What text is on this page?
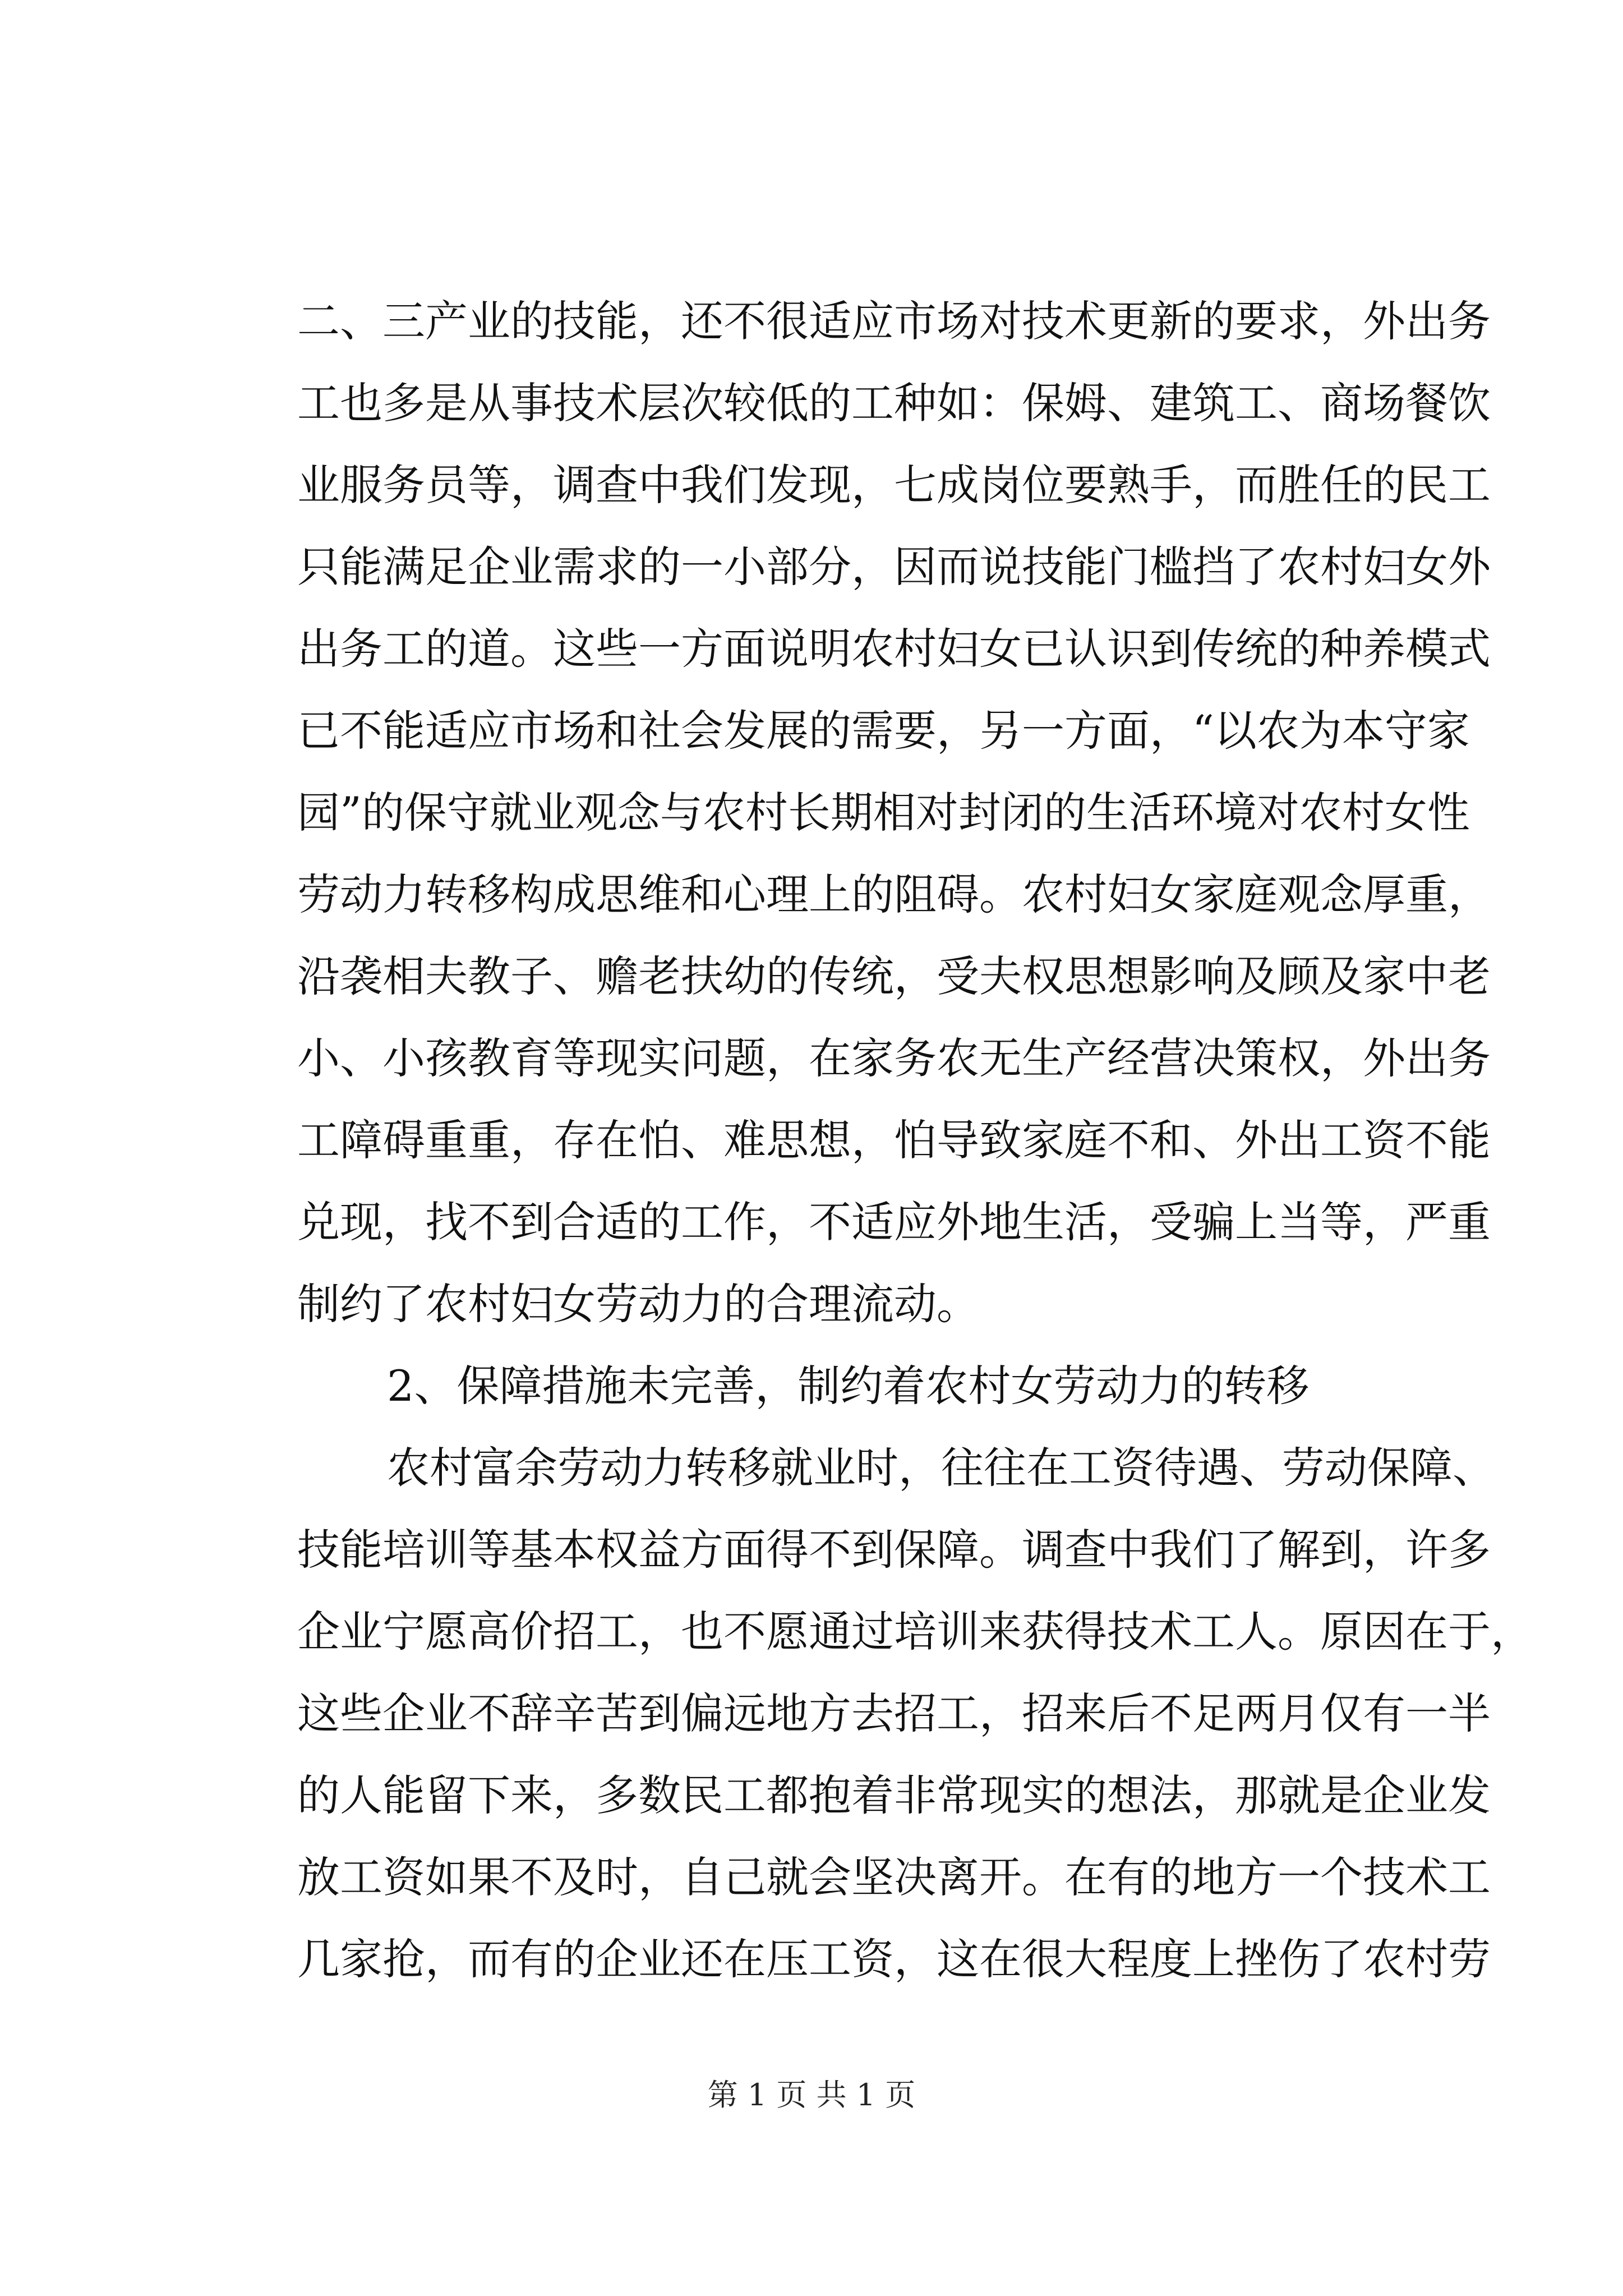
二、三产业的技能，还不很适应市场对技术更新的要求，外出务
工也多是从事技术层次较低的工种如：保姆、建筑工、商场餐饮
业服务员等，调查中我们发现，七成岗位要熟手，而胜任的民工
只能满足企业需求的一小部分，因而说技能门槛挡了农村妇女外
出务工的道。这些一方面说明农村妇女已认识到传统的种养模式
已不能适应市场和社会发展的需要，另一方面，“以农为本守家
园”的保守就业观念与农村长期相对封闭的生活环境对农村女性
劳动力转移构成思维和心理上的阻碍。农村妇女家庭观念厚重，
沿袭相夫教子、赡老扶幼的传统，受夫权思想影响及顾及家中老
小、小孩教育等现实问题，在家务农无生产经营决策权，外出务
工障碍重重，存在怕、难思想，怕导致家庭不和、外出工资不能
兑现，找不到合适的工作，不适应外地生活，受骗上当等，严重
制约了农村妇女劳动力的合理流动。
2、保障措施未完善，制约着农村女劳动力的转移
农村富余劳动力转移就业时，往往在工资待遇、劳动保障、
技能培训等基本权益方面得不到保障。调查中我们了解到，许多
企业宁愿高价招工，也不愿通过培训来获得技术工人。原因在于，
这些企业不辞辛苦到偏远地方去招工，招来后不足两月仅有一半
的人能留下来，多数民工都抱着非常现实的想法，那就是企业发
放工资如果不及时，自己就会坚决离开。在有的地方一个技术工
几家抢，而有的企业还在压工资，这在很大程度上挫伤了农村劳
第 1 页 共 1 页
